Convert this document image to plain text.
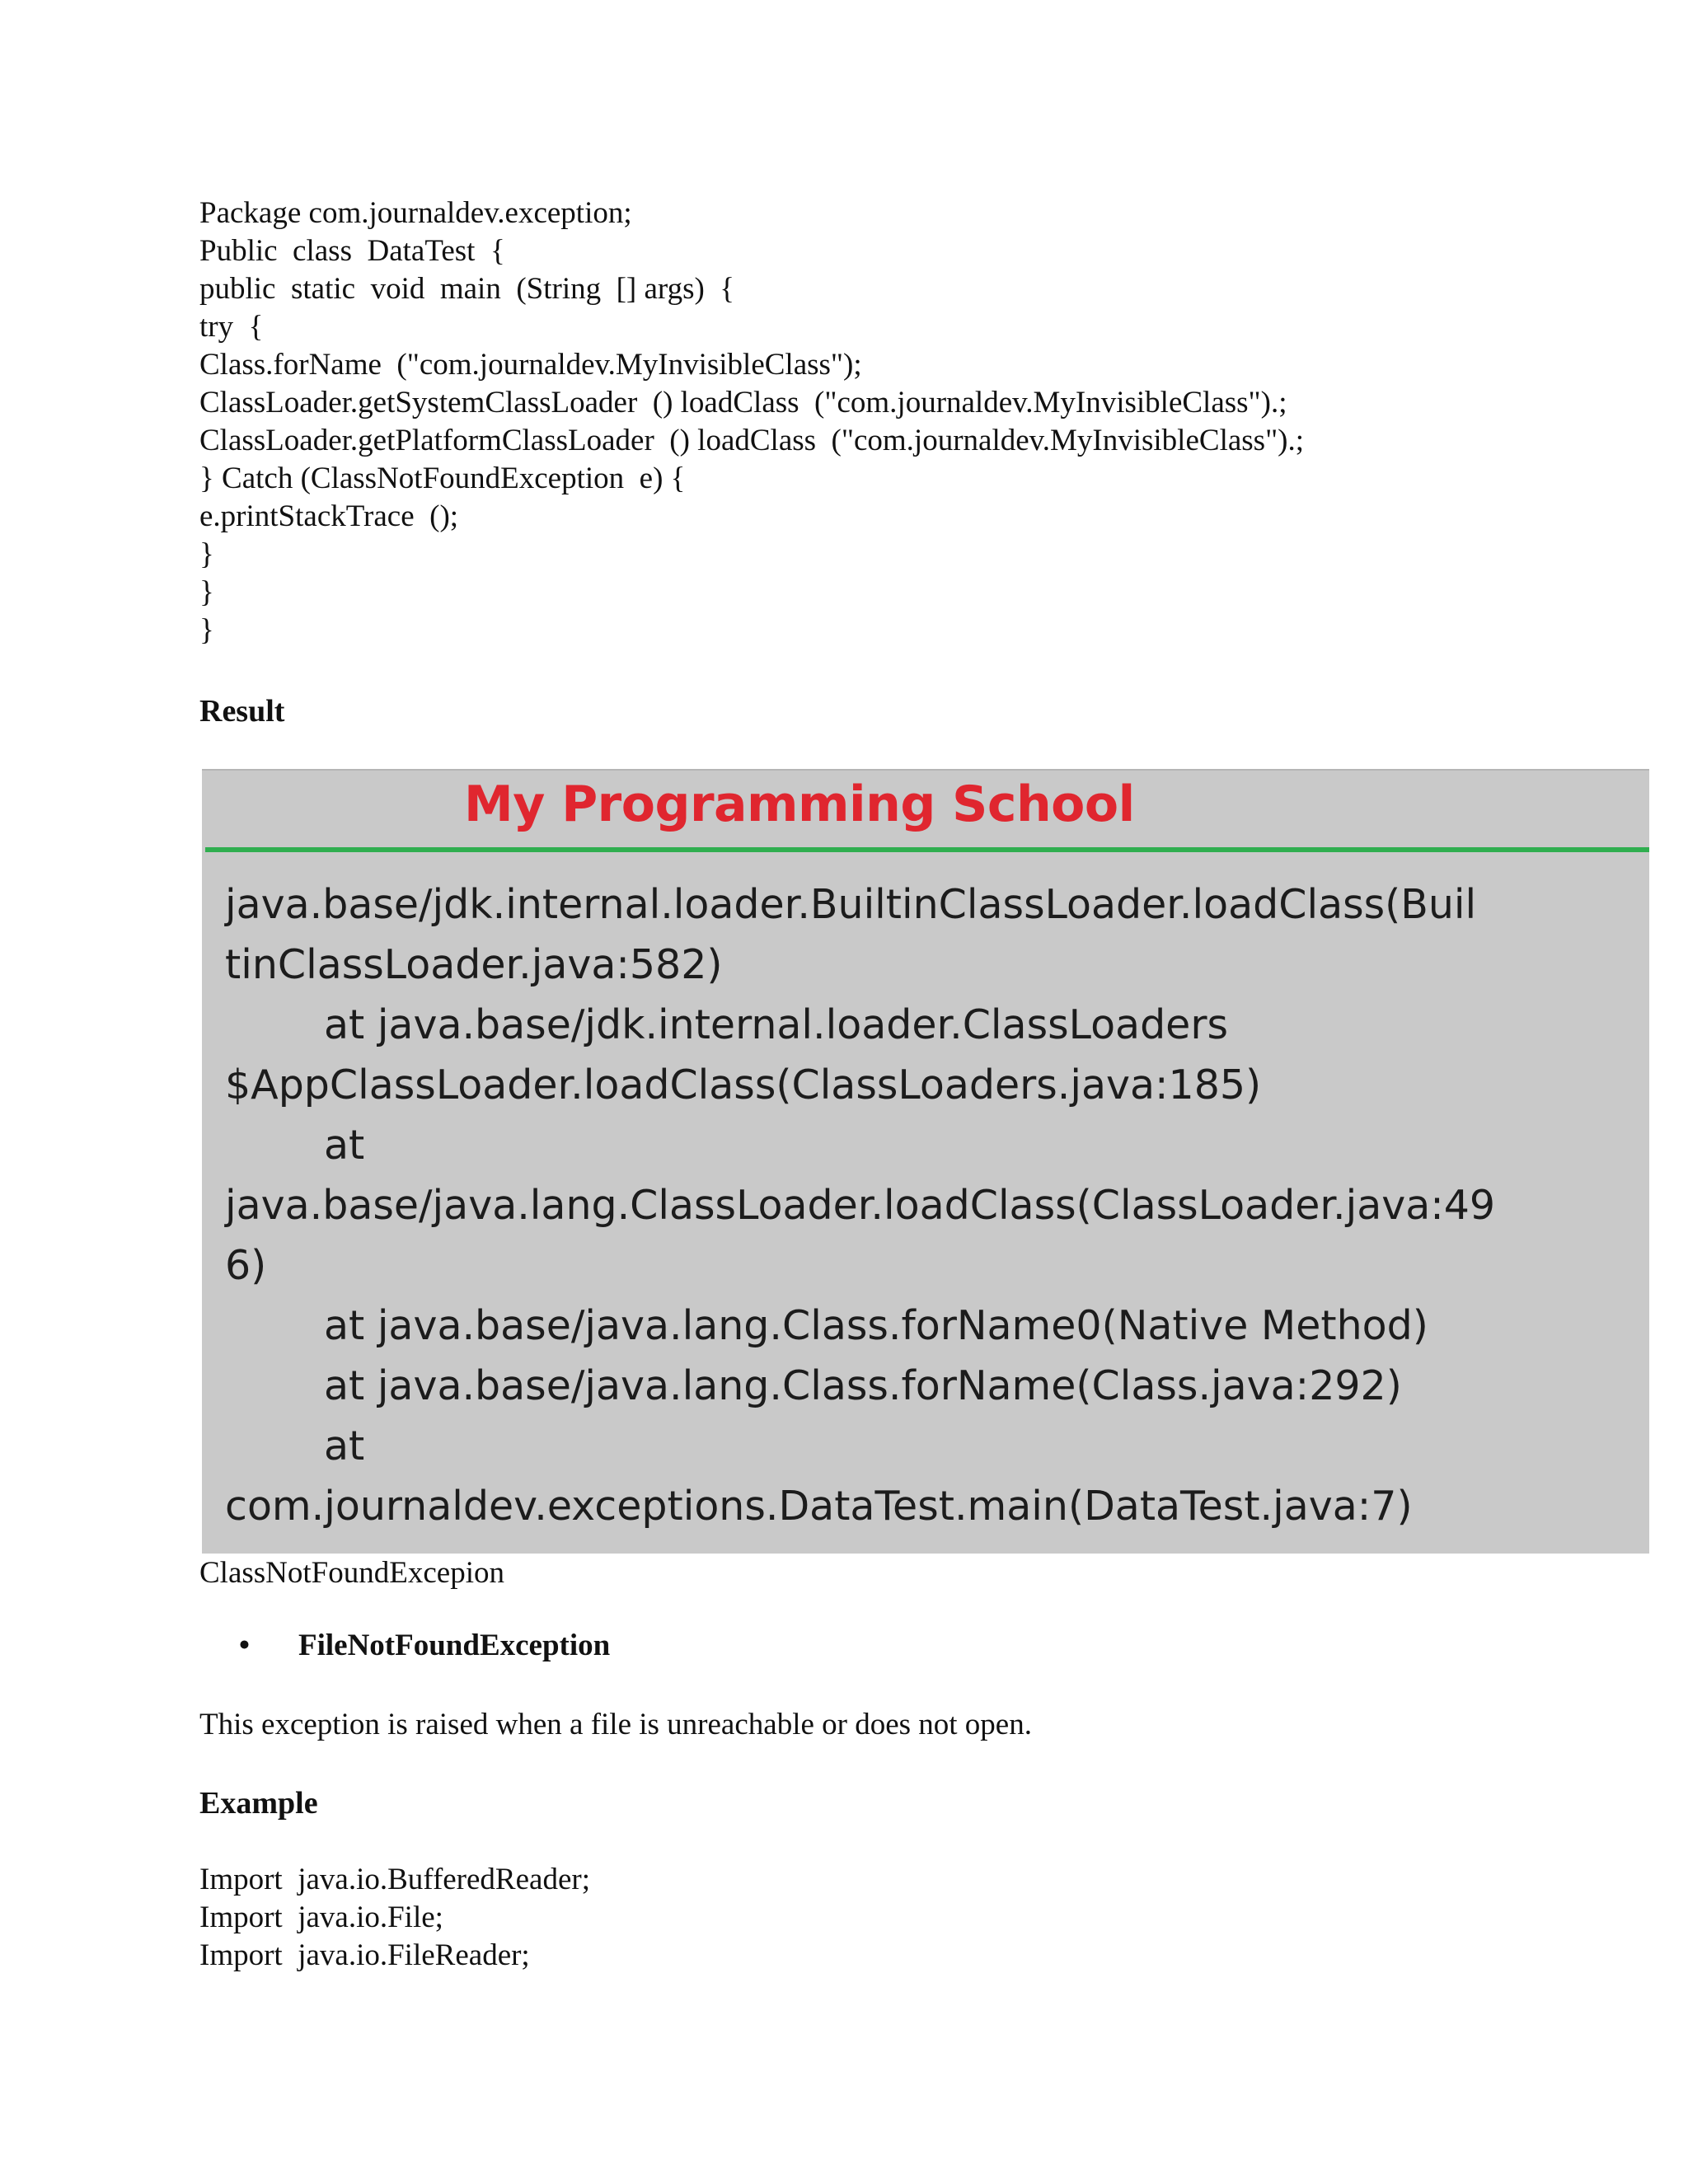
Package com.journaldev.exception;
Public  class  DataTest  {
public  static  void  main  (String  [] args)  {
try  {
Class.forName  ("com.journaldev.MyInvisibleClass");
ClassLoader.getSystemClassLoader  () loadClass  ("com.journaldev.MyInvisibleClass").;
ClassLoader.getPlatformClassLoader  () loadClass  ("com.journaldev.MyInvisibleClass").;
} Catch (ClassNotFoundException  e) {
e.printStackTrace  ();
}
}
}
Result
My Programming School
java.base/jdk.internal.loader.BuiltinClassLoader.loadClass(Buil
tinClassLoader.java:582)
at java.base/jdk.internal.loader.ClassLoaders
$AppClassLoader.loadClass(ClassLoaders.java:185)
at
java.base/java.lang.ClassLoader.loadClass(ClassLoader.java:49
6)
at java.base/java.lang.Class.forName0(Native Method)
at java.base/java.lang.Class.forName(Class.java:292)
at
com.journaldev.exceptions.DataTest.main(DataTest.java:7)
ClassNotFoundExcepion
• FileNotFoundException
This exception is raised when a file is unreachable or does not open.
Example
Import  java.io.BufferedReader;
Import  java.io.File;
Import  java.io.FileReader;
